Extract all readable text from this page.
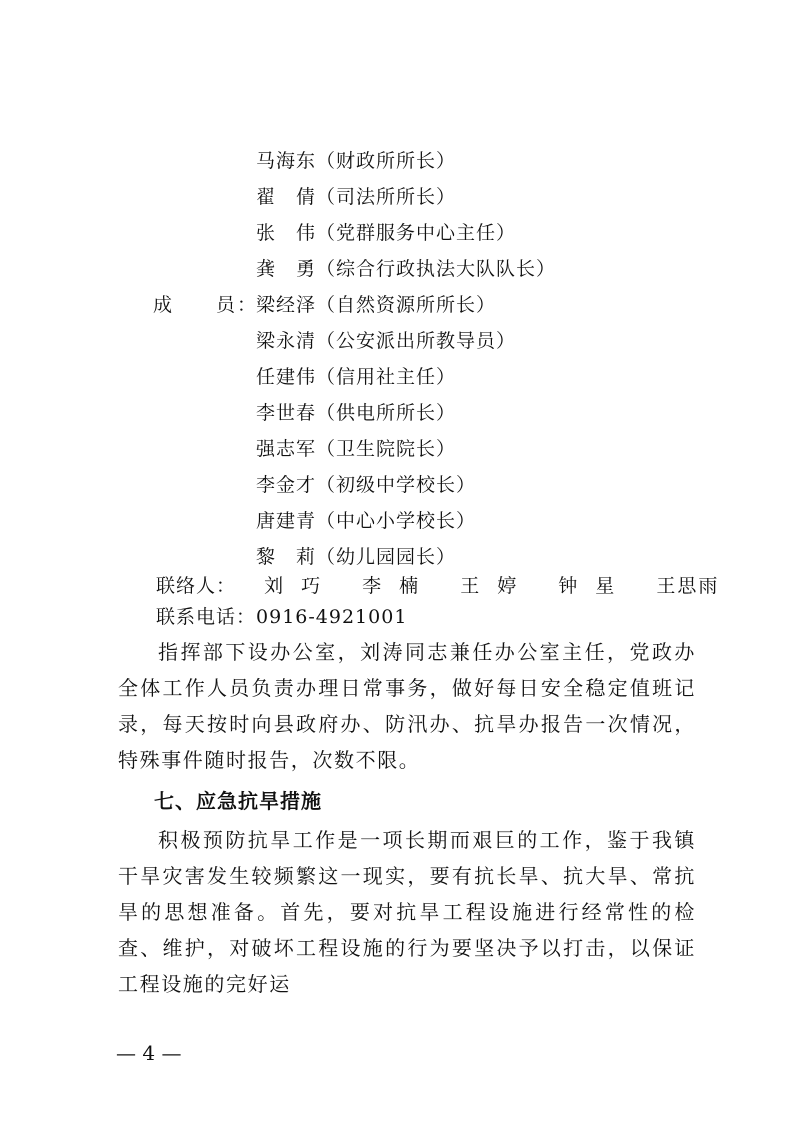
马海东（财政所所长）
翟　倩（司法所所长）
张　伟（党群服务中心主任）
龚　勇（综合行政执法大队队长）
成　　员：
梁经泽（自然资源所所长）
梁永清（公安派出所教导员）
任建伟（信用社主任）
李世春（供电所所长）
强志军（卫生院院长）
李金才（初级中学校长）
唐建青（中心小学校长）
黎　莉（幼儿园园长）
联络人： 刘巧 李楠 王婷 钟星 王思雨
联系电话：0916-4921001

指挥部下设办公室，刘涛同志兼任办公室主任，党政办全体工作人员负责办理日常事务，做好每日安全稳定值班记录，每天按时向县政府办、防汛办、抗旱办报告一次情况，特殊事件随时报告，次数不限。

七、应急抗旱措施

积极预防抗旱工作是一项长期而艰巨的工作，鉴于我镇干旱灾害发生较频繁这一现实，要有抗长旱、抗大旱、常抗旱的思想准备。首先，要对抗旱工程设施进行经常性的检查、维护，对破坏工程设施的行为要坚决予以打击，以保证工程设施的完好运

— 4 —
